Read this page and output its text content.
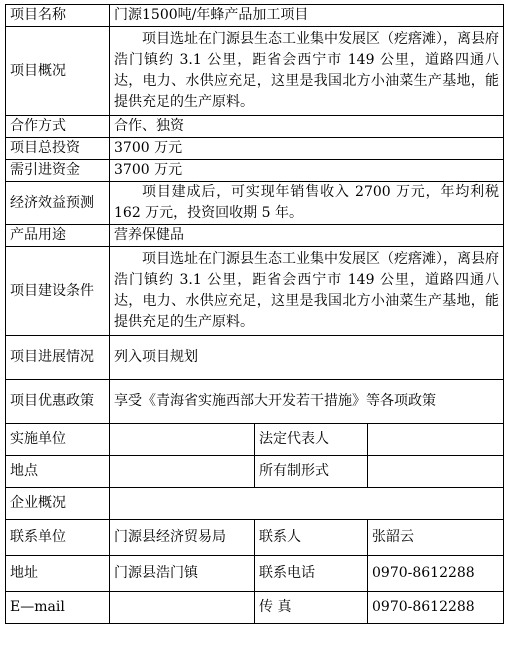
项目名称	门源1500吨/年蜂产品加工项目		
项目概况	项目选址在门源县生态工业集中发展区（疙瘩滩），离县府浩门镇约 3.1 公里，距省会西宁市 149 公里，道路四通八达，电力、水供应充足，这里是我国北方小油菜生产基地，能提供充足的生产原料。		
合作方式	合作、独资		
项目总投资	3700 万元		
需引进资金	3700 万元		
经济效益预测	项目建成后，可实现年销售收入 2700 万元，年均利税 162 万元，投资回收期 5 年。		
产品用途	营养保健品		
项目建设条件	项目选址在门源县生态工业集中发展区（疙瘩滩），离县府浩门镇约 3.1 公里，距省会西宁市 149 公里，道路四通八达，电力、水供应充足，这里是我国北方小油菜生产基地，能提供充足的生产原料。		
项目进展情况	列入项目规划		
项目优惠政策	享受《青海省实施西部大开发若干措施》等各项政策		
实施单位		法定代表人	
地点		所有制形式	
企业概况			
联系单位	门源县经济贸易局	联系人	张韶云
地址	门源县浩门镇	联系电话	0970-8612288
E—mail		传 真	0970-8612288
